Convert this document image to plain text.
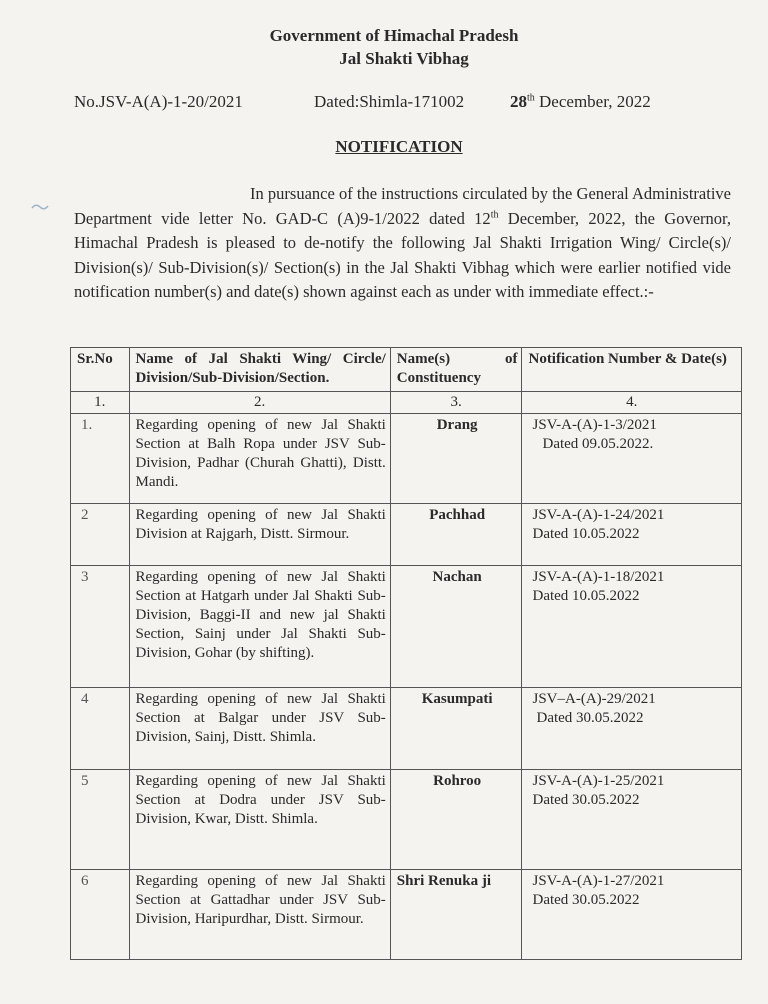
Government of Himachal Pradesh
Jal Shakti Vibhag
No.JSV-A(A)-1-20/2021	Dated:Shimla-171002	28th December, 2022
NOTIFICATION
In pursuance of the instructions circulated by the General Administrative Department vide letter No. GAD-C (A)9-1/2022 dated 12th December, 2022, the Governor, Himachal Pradesh is pleased to de-notify the following Jal Shakti Irrigation Wing/ Circle(s)/ Division(s)/ Sub-Division(s)/ Section(s) in the Jal Shakti Vibhag which were earlier notified vide notification number(s) and date(s) shown against each as under with immediate effect.:-
Sr.No	Name of Jal Shakti Wing/ Circle/ Division/Sub-Division/Section.	Name(s) of Constituency	Notification Number & Date(s)
1.	2.	3.	4.
1.	Regarding opening of new Jal Shakti Section at Balh Ropa under JSV Sub-Division, Padhar (Churah Ghatti), Distt. Mandi.	Drang	JSV-A-(A)-1-3/2021
Dated 09.05.2022.

2	Regarding opening of new Jal Shakti Division at Rajgarh, Distt. Sirmour.	Pachhad	JSV-A-(A)-1-24/2021
Dated 10.05.2022

3	Regarding opening of new Jal Shakti Section at Hatgarh under Jal Shakti Sub-Division, Baggi-II and new jal Shakti Section, Sainj under Jal Shakti Sub-Division, Gohar (by shifting).	Nachan	JSV-A-(A)-1-18/2021
Dated 10.05.2022

4	Regarding opening of new Jal Shakti Section at Balgar under JSV Sub-Division, Sainj, Distt. Shimla.	Kasumpati	JSV–A-(A)-29/2021
Dated 30.05.2022

5	Regarding opening of new Jal Shakti Section at Dodra under JSV Sub-Division, Kwar, Distt. Shimla.	Rohroo	JSV-A-(A)-1-25/2021
Dated 30.05.2022

6	Regarding opening of new Jal Shakti Section at Gattadhar under JSV Sub-Division, Haripurdhar, Distt. Sirmour.	Shri Renuka ji	JSV-A-(A)-1-27/2021
Dated 30.05.2022
